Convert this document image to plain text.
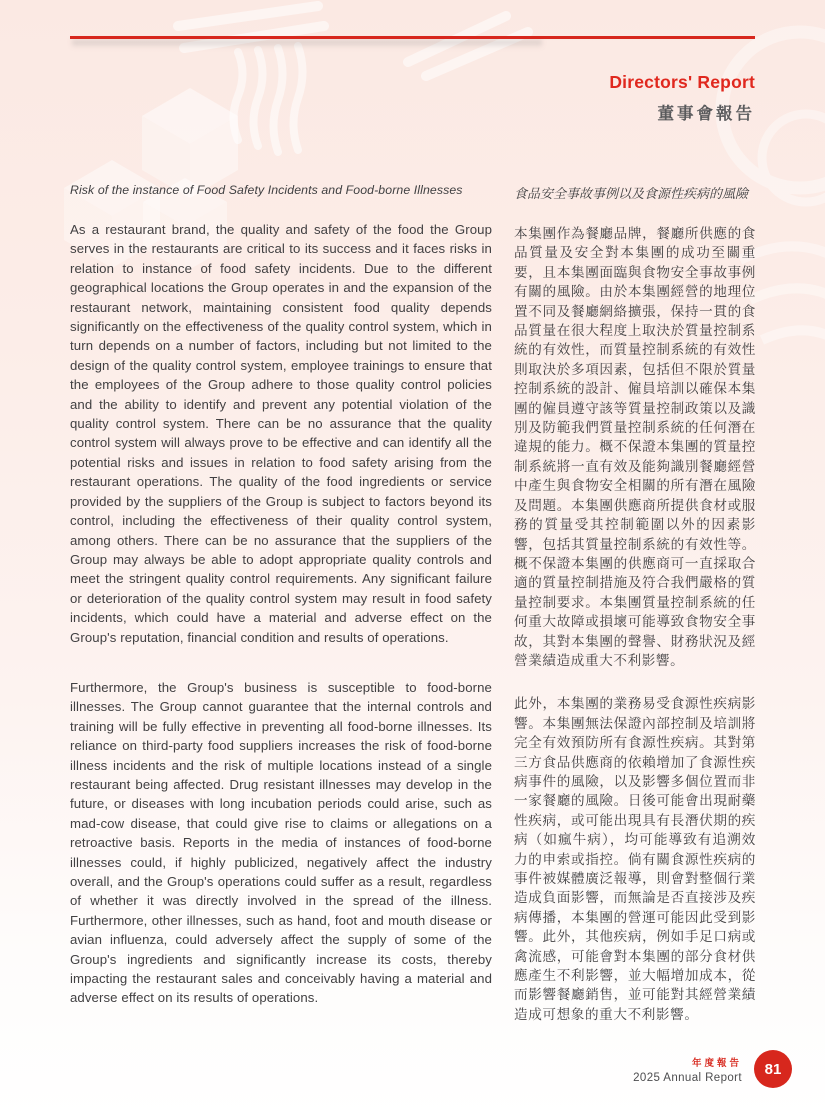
Directors' Report
董事會報告
Risk of the instance of Food Safety Incidents and Food-borne Illnesses

As a restaurant brand, the quality and safety of the food the Group serves in the restaurants are critical to its success and it faces risks in relation to instance of food safety incidents. Due to the different geographical locations the Group operates in and the expansion of the restaurant network, maintaining consistent food quality depends significantly on the effectiveness of the quality control system, which in turn depends on a number of factors, including but not limited to the design of the quality control system, employee trainings to ensure that the employees of the Group adhere to those quality control policies and the ability to identify and prevent any potential violation of the quality control system. There can be no assurance that the quality control system will always prove to be effective and can identify all the potential risks and issues in relation to food safety arising from the restaurant operations. The quality of the food ingredients or service provided by the suppliers of the Group is subject to factors beyond its control, including the effectiveness of their quality control system, among others. There can be no assurance that the suppliers of the Group may always be able to adopt appropriate quality controls and meet the stringent quality control requirements. Any significant failure or deterioration of the quality control system may result in food safety incidents, which could have a material and adverse effect on the Group's reputation, financial condition and results of operations.

Furthermore, the Group's business is susceptible to food-borne illnesses. The Group cannot guarantee that the internal controls and training will be fully effective in preventing all food-borne illnesses. Its reliance on third-party food suppliers increases the risk of food-borne illness incidents and the risk of multiple locations instead of a single restaurant being affected. Drug resistant illnesses may develop in the future, or diseases with long incubation periods could arise, such as mad-cow disease, that could give rise to claims or allegations on a retroactive basis. Reports in the media of instances of food-borne illnesses could, if highly publicized, negatively affect the industry overall, and the Group's operations could suffer as a result, regardless of whether it was directly involved in the spread of the illness. Furthermore, other illnesses, such as hand, foot and mouth disease or avian influenza, could adversely affect the supply of some of the Group's ingredients and significantly increase its costs, thereby impacting the restaurant sales and conceivably having a material and adverse effect on its results of operations.

食品安全事故事例以及食源性疾病的風險

本集團作為餐廳品牌，餐廳所供應的食品質量及安全對本集團的成功至關重要，且本集團面臨與食物安全事故事例有關的風險。由於本集團經營的地理位置不同及餐廳網絡擴張，保持一貫的食品質量在很大程度上取決於質量控制系統的有效性，而質量控制系統的有效性則取決於多項因素，包括但不限於質量控制系統的設計、僱員培訓以確保本集團的僱員遵守該等質量控制政策以及識別及防範我們質量控制系統的任何潛在違規的能力。概不保證本集團的質量控制系統將一直有效及能夠識別餐廳經營中產生與食物安全相關的所有潛在風險及問題。本集團供應商所提供食材或服務的質量受其控制範圍以外的因素影響，包括其質量控制系統的有效性等。概不保證本集團的供應商可一直採取合適的質量控制措施及符合我們嚴格的質量控制要求。本集團質量控制系統的任何重大故障或損壞可能導致食物安全事故，其對本集團的聲譽、財務狀況及經營業績造成重大不利影響。

此外，本集團的業務易受食源性疾病影響。本集團無法保證內部控制及培訓將完全有效預防所有食源性疾病。其對第三方食品供應商的依賴增加了食源性疾病事件的風險，以及影響多個位置而非一家餐廳的風險。日後可能會出現耐藥性疾病，或可能出現具有長潛伏期的疾病（如瘋牛病），均可能導致有追溯效力的申索或指控。倘有關食源性疾病的事件被媒體廣泛報導，則會對整個行業造成負面影響，而無論是否直接涉及疾病傳播，本集團的營運可能因此受到影響。此外，其他疾病，例如手足口病或禽流感，可能會對本集團的部分食材供應產生不利影響，並大幅增加成本，從而影響餐廳銷售，並可能對其經營業績造成可想象的重大不利影響。

年度報告
2025 Annual Report 81
